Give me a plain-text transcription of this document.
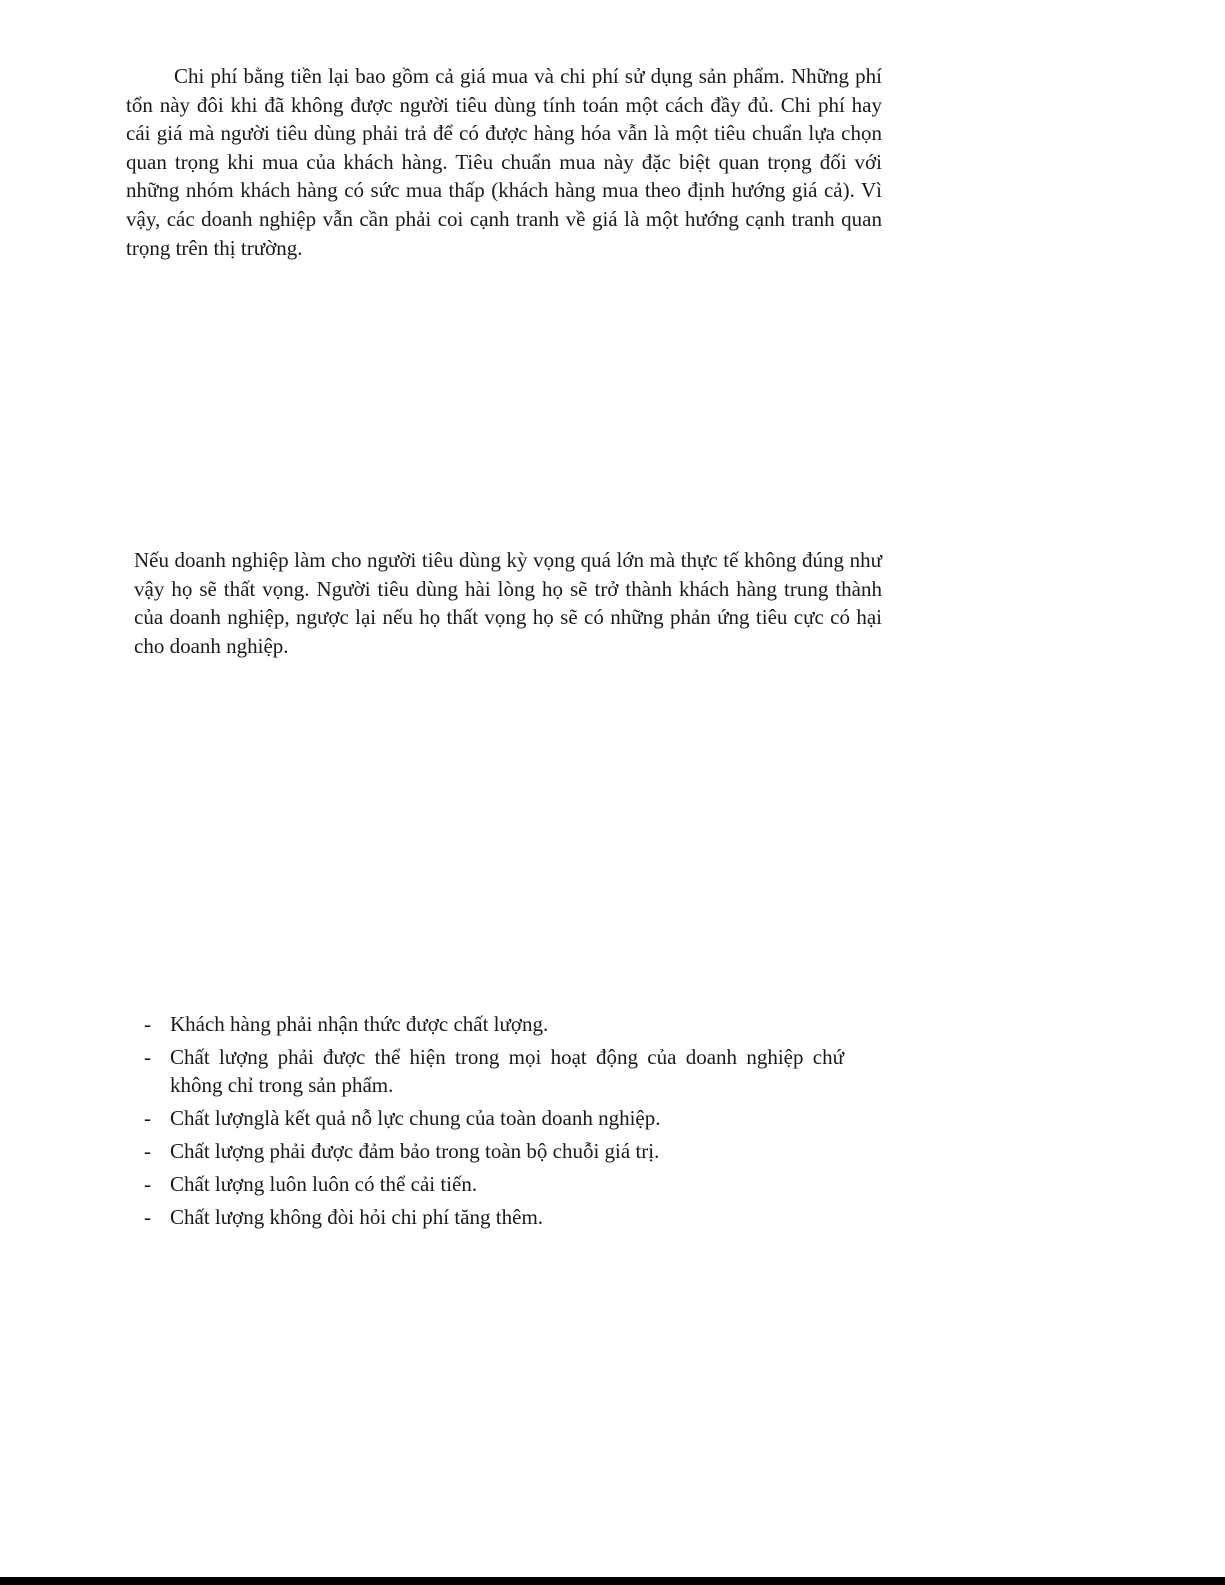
Chi phí bằng tiền lại bao gồm cả giá mua và chi phí sử dụng sản phẩm. Những phí tổn này đôi khi đã không được người tiêu dùng tính toán một cách đầy đủ. Chi phí hay cái giá mà người tiêu dùng phải trả để có được hàng hóa vẫn là một tiêu chuẩn lựa chọn quan trọng khi mua của khách hàng. Tiêu chuẩn mua này đặc biệt quan trọng đối với những nhóm khách hàng có sức mua thấp (khách hàng mua theo định hướng giá cả). Vì vậy, các doanh nghiệp vẫn cần phải coi cạnh tranh về giá là một hướng cạnh tranh quan trọng trên thị trường.

Nếu doanh nghiệp làm cho người tiêu dùng kỳ vọng quá lớn mà thực tế không đúng như vậy họ sẽ thất vọng. Người tiêu dùng hài lòng họ sẽ trở thành khách hàng trung thành của doanh nghiệp, ngược lại nếu họ thất vọng họ sẽ có những phản ứng tiêu cực có hại cho doanh nghiệp.

- Khách hàng phải nhận thức được chất lượng.
- Chất lượng phải được thể hiện trong mọi hoạt động của doanh nghiệp chứ không chỉ trong sản phẩm.
- Chất lượnglà kết quả nỗ lực chung của toàn doanh nghiệp.
- Chất lượng phải được đảm bảo trong toàn bộ chuỗi giá trị.
- Chất lượng luôn luôn có thể cải tiến.
- Chất lượng không đòi hỏi chi phí tăng thêm.
